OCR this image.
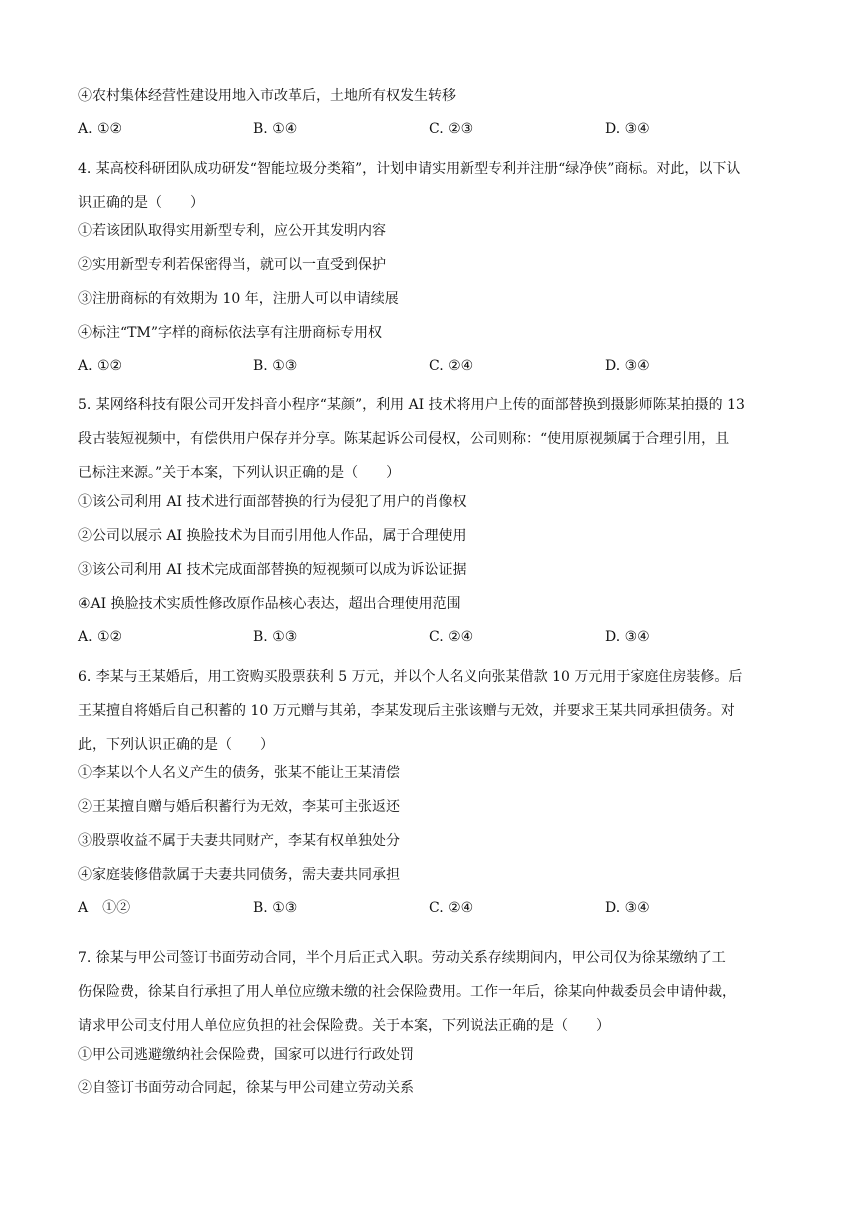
④农村集体经营性建设用地入市改革后，土地所有权发生转移
A. ①②	B. ①④	C. ②③	D. ③④
4. 某高校科研团队成功研发“智能垃圾分类箱”，计划申请实用新型专利并注册“绿净侠”商标。对此，以下认
识正确的是（　　）
①若该团队取得实用新型专利，应公开其发明内容
②实用新型专利若保密得当，就可以一直受到保护
③注册商标的有效期为 10 年，注册人可以申请续展
④标注“TM”字样的商标依法享有注册商标专用权
A. ①②	B. ①③	C. ②④	D. ③④
5. 某网络科技有限公司开发抖音小程序“某颜”，利用 AI 技术将用户上传的面部替换到摄影师陈某拍摄的 13
段古装短视频中，有偿供用户保存并分享。陈某起诉公司侵权，公司则称：“使用原视频属于合理引用，且
已标注来源。”关于本案，下列认识正确的是（　　）
①该公司利用 AI 技术进行面部替换的行为侵犯了用户的肖像权
②公司以展示 AI 换脸技术为目而引用他人作品，属于合理使用
③该公司利用 AI 技术完成面部替换的短视频可以成为诉讼证据
④AI 换脸技术实质性修改原作品核心表达，超出合理使用范围
A. ①②	B. ①③	C. ②④	D. ③④
6. 李某与王某婚后，用工资购买股票获利 5 万元，并以个人名义向张某借款 10 万元用于家庭住房装修。后
王某擅自将婚后自己积蓄的 10 万元赠与其弟，李某发现后主张该赠与无效，并要求王某共同承担债务。对
此，下列认识正确的是（　　）
①李某以个人名义产生的债务，张某不能让王某清偿
②王某擅自赠与婚后积蓄行为无效，李某可主张返还
③股票收益不属于夫妻共同财产，李某有权单独处分
④家庭装修借款属于夫妻共同债务，需夫妻共同承担
A　①②	B. ①③	C. ②④	D. ③④
7. 徐某与甲公司签订书面劳动合同，半个月后正式入职。劳动关系存续期间内，甲公司仅为徐某缴纳了工
伤保险费，徐某自行承担了用人单位应缴未缴的社会保险费用。工作一年后，徐某向仲裁委员会申请仲裁，
请求甲公司支付用人单位应负担的社会保险费。关于本案，下列说法正确的是（　　）
①甲公司逃避缴纳社会保险费，国家可以进行行政处罚
②自签订书面劳动合同起，徐某与甲公司建立劳动关系
